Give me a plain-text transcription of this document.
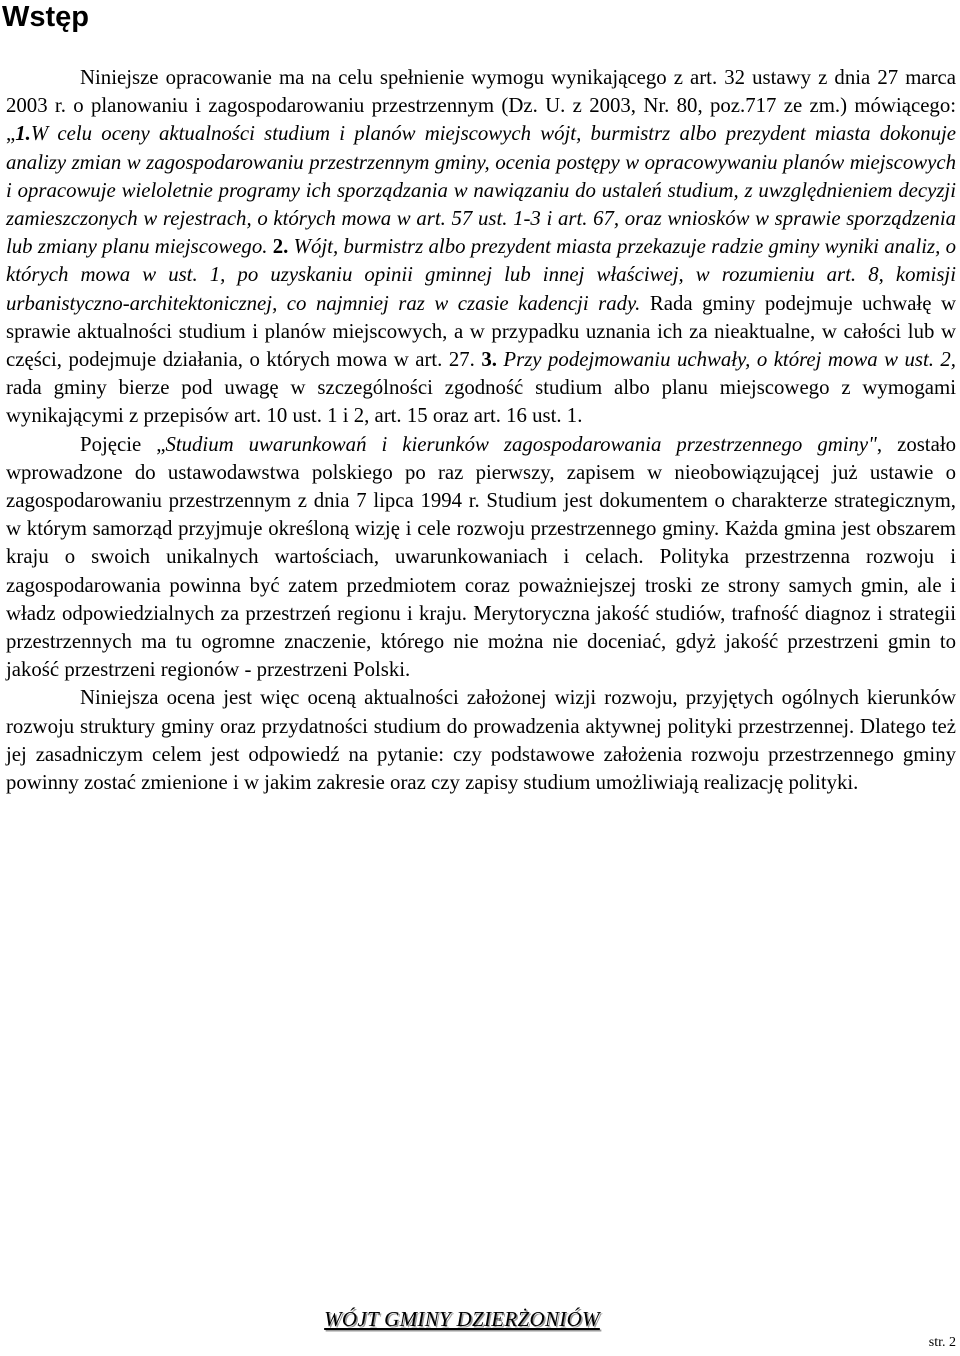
Wstęp

Niniejsze opracowanie ma na celu spełnienie wymogu wynikającego z art. 32 ustawy z dnia 27 marca 2003 r. o planowaniu i zagospodarowaniu przestrzennym (Dz. U. z 2003, Nr. 80, poz.717 ze zm.) mówiącego: „1.W celu oceny aktualności studium i planów miejscowych wójt, burmistrz albo prezydent miasta dokonuje analizy zmian w zagospodarowaniu przestrzennym gminy, ocenia postępy w opracowywaniu planów miejscowych i opracowuje wieloletnie programy ich sporządzania w nawiązaniu do ustaleń studium, z uwzględnieniem decyzji zamieszczonych w rejestrach, o których mowa w art. 57 ust. 1-3 i art. 67, oraz wniosków w sprawie sporządzenia lub zmiany planu miejscowego. 2. Wójt, burmistrz albo prezydent miasta przekazuje radzie gminy wyniki analiz, o których mowa w ust. 1, po uzyskaniu opinii gminnej lub innej właściwej, w rozumieniu art. 8, komisji urbanistyczno-architektonicznej, co najmniej raz w czasie kadencji rady. Rada gminy podejmuje uchwałę w sprawie aktualności studium i planów miejscowych, a w przypadku uznania ich za nieaktualne, w całości lub w części, podejmuje działania, o których mowa w art. 27. 3. Przy podejmowaniu uchwały, o której mowa w ust. 2, rada gminy bierze pod uwagę w szczególności zgodność studium albo planu miejscowego z wymogami wynikającymi z przepisów art. 10 ust. 1 i 2, art. 15 oraz art. 16 ust. 1.

Pojęcie „Studium uwarunkowań i kierunków zagospodarowania przestrzennego gminy", zostało wprowadzone do ustawodawstwa polskiego po raz pierwszy, zapisem w nieobowiązującej już ustawie o zagospodarowaniu przestrzennym z dnia 7 lipca 1994 r. Studium jest dokumentem o charakterze strategicznym, w którym samorząd przyjmuje określoną wizję i cele rozwoju przestrzennego gminy. Każda gmina jest obszarem kraju o swoich unikalnych wartościach, uwarunkowaniach i celach. Polityka przestrzenna rozwoju i zagospodarowania powinna być zatem przedmiotem coraz poważniejszej troski ze strony samych gmin, ale i władz odpowiedzialnych za przestrzeń regionu i kraju. Merytoryczna jakość studiów, trafność diagnoz i strategii przestrzennych ma tu ogromne znaczenie, którego nie można nie doceniać, gdyż jakość przestrzeni gmin to jakość przestrzeni regionów - przestrzeni Polski.

Niniejsza ocena jest więc oceną aktualności założonej wizji rozwoju, przyjętych ogólnych kierunków rozwoju struktury gminy oraz przydatności studium do prowadzenia aktywnej polityki przestrzennej. Dlatego też jej zasadniczym celem jest odpowiedź na pytanie: czy podstawowe założenia rozwoju przestrzennego gminy powinny zostać zmienione i w jakim zakresie oraz czy zapisy studium umożliwiają realizację polityki.

WÓJT GMINY DZIERŻONIÓW
str. 2
